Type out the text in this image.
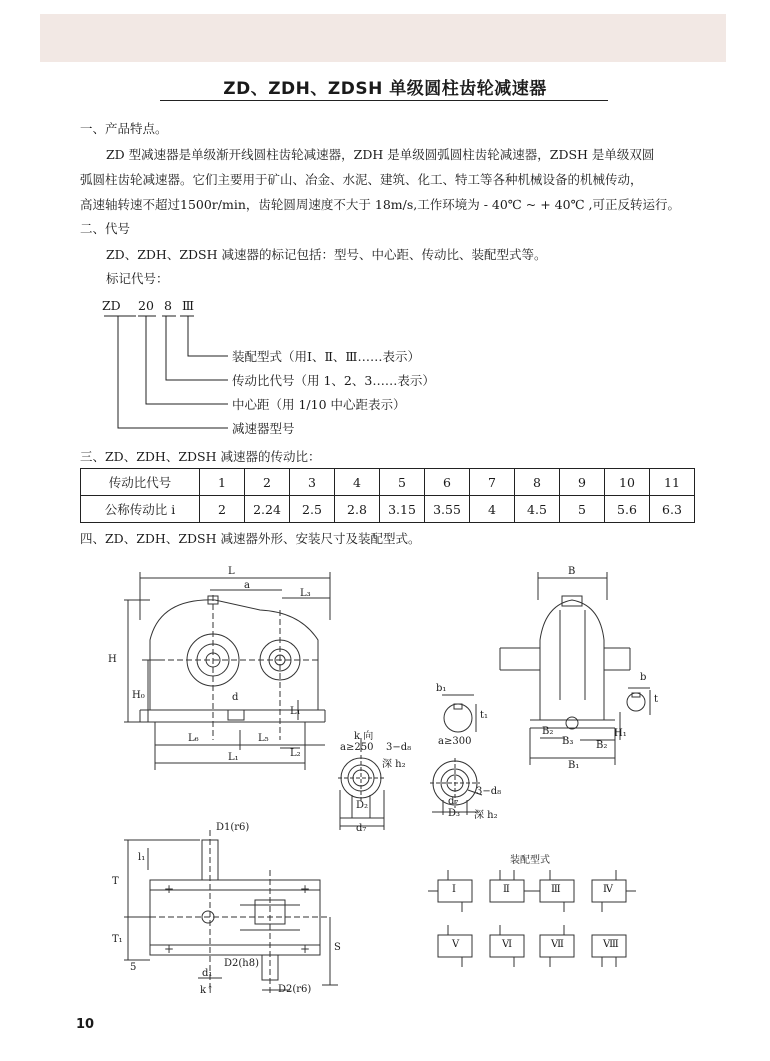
ZD、ZDH、ZDSH 单级圆柱齿轮减速器
一、产品特点。
ZD 型减速器是单级渐开线圆柱齿轮减速器，ZDH 是单级圆弧圆柱齿轮减速器，ZDSH 是单级双圆
弧圆柱齿轮减速器。它们主要用于矿山、冶金、水泥、建筑、化工、特工等各种机械设备的机械传动，
高速轴转速不超过1500r/min，齿轮圆周速度不大于 18m/s,工作环境为 - 40℃ ~ + 40℃ ,可正反转运行。
二、代号
ZD、ZDH、ZDSH 减速器的标记包括：型号、中心距、传动比、装配型式等。
标记代号：
ZD 20 8 Ⅲ
装配型式（用Ⅰ、Ⅱ、Ⅲ……表示）
传动比代号（用 1、2、3……表示）
中心距（用 1/10 中心距表示）
减速器型号
三、ZD、ZDH、ZDSH 减速器的传动比：
传动比代号	1	2	3	4	5	6	7	8	9	10	11
公称传动比 i	2	2.24	2.5	2.8	3.15	3.55	4	4.5	5	5.6	6.3
四、ZD、ZDH、ZDSH 减速器外形、安装尺寸及装配型式。
+	+
+	+
L
a
L₃
H
H₀	d
L₁
L₆	L₅
L₂
L₁
B
b
t
b₁
t₁
a≥300
B₂
B₃
H₁
B₂
B₁
k 向
a≥250 3−d₈
深 h₂
D₂
d₇
3−d₈
d₇
D₃ 深 h₂
D1(r6)
l₁
T
T₁
S
5	D2(h8)
d₁
k↑	D2(r6)
装配型式
Ⅰ	Ⅱ	Ⅲ	Ⅳ
Ⅴ	Ⅵ	Ⅶ	Ⅷ
10
